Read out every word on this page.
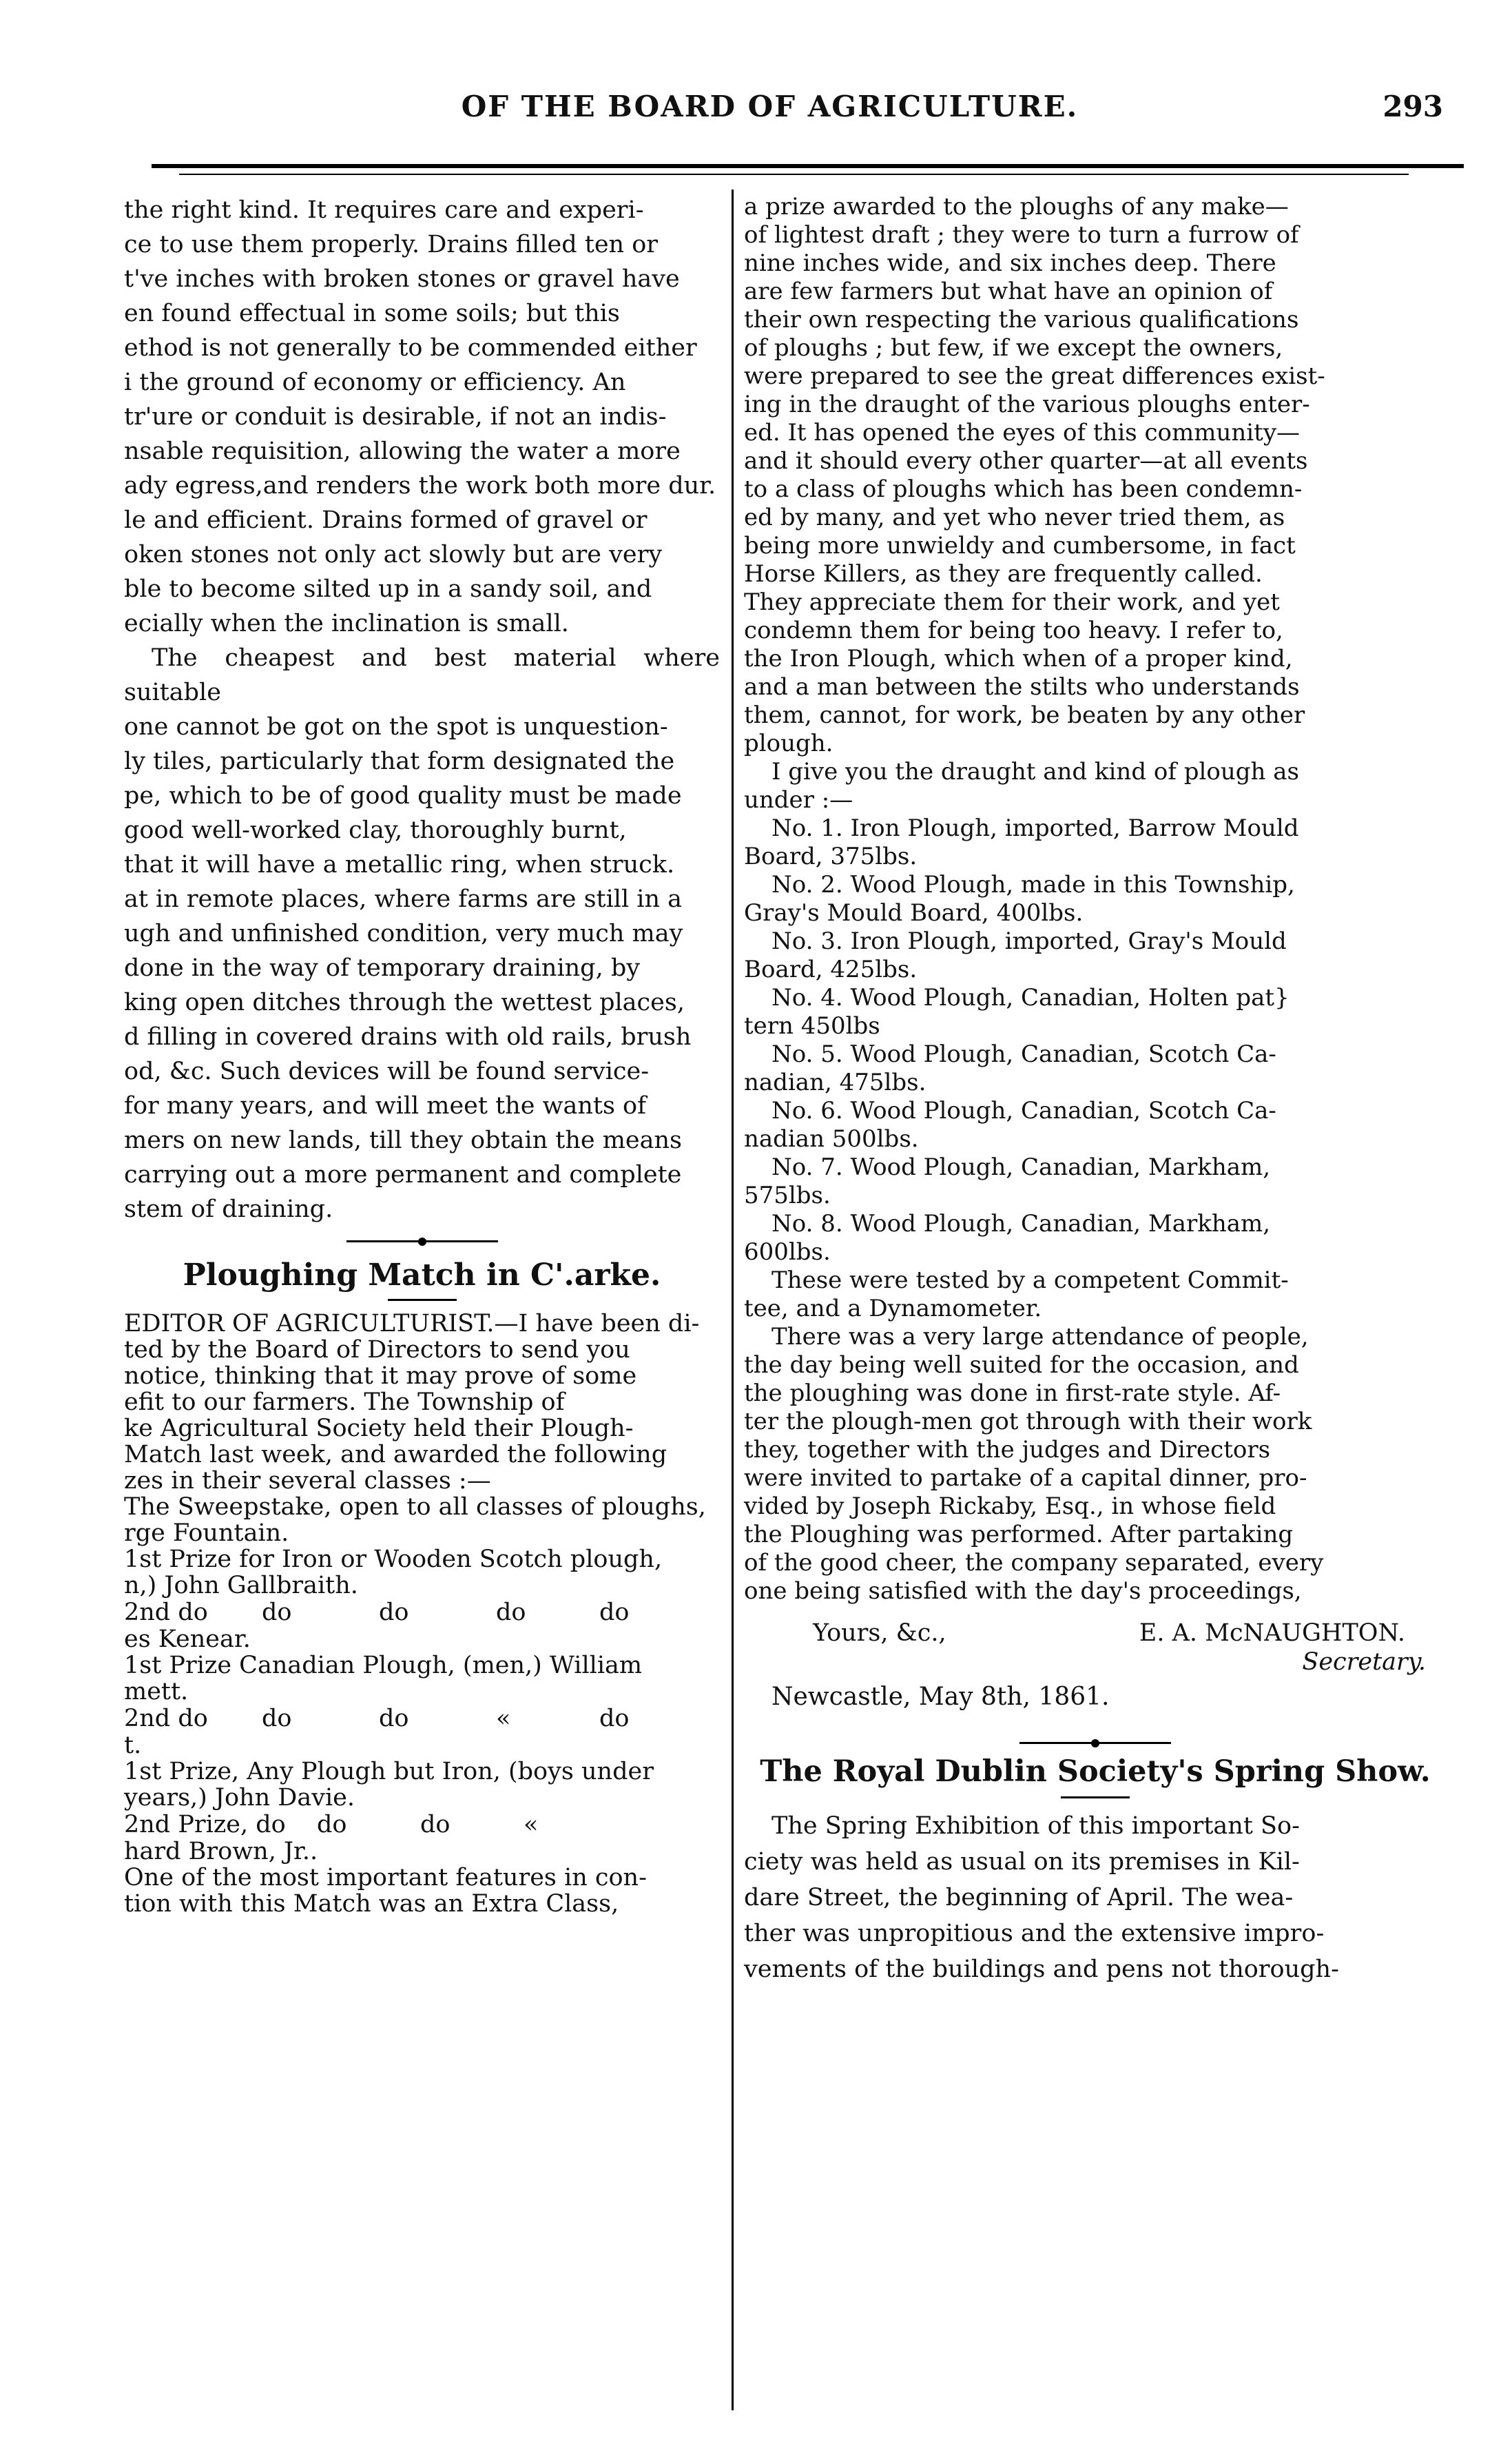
OF THE BOARD OF AGRICULTURE.	293

the right kind. It requires care and experi-
ce to use them properly. Drains filled ten or
t've inches with broken stones or gravel have
en found effectual in some soils; but this
ethod is not generally to be commended either
i the ground of economy or efficiency. An
tr'ure or conduit is desirable, if not an indis-
nsable requisition, allowing the water a more
ady egress,and renders the work both more dur.
le and efficient. Drains formed of gravel or
oken stones not only act slowly but are very
ble to become silted up in a sandy soil, and
ecially when the inclination is small.

The cheapest and best material where suitable
one cannot be got on the spot is unquestion-
ly tiles, particularly that form designated the
pe, which to be of good quality must be made
good well-worked clay, thoroughly burnt,
that it will have a metallic ring, when struck.
at in remote places, where farms are still in a
ugh and unfinished condition, very much may
done in the way of temporary draining, by
king open ditches through the wettest places,
d filling in covered drains with old rails, brush
od, &c. Such devices will be found service-
for many years, and will meet the wants of
mers on new lands, till they obtain the means
carrying out a more permanent and complete
stem of draining.

Ploughing Match in C'.arke.

EDITOR OF AGRICULTURIST.—I have been di-
ted by the Board of Directors to send you
notice, thinking that it may prove of some
efit to our farmers. The Township of
ke Agricultural Society held their Plough-
Match last week, and awarded the following
zes in their several classes :—

The Sweepstake, open to all classes of ploughs,
rge Fountain.
1st Prize for Iron or Wooden Scotch plough,
n,) John Gallbraith.

2nd do	do	do	do	do

es Kenear.

1st Prize Canadian Plough, (men,) William

mett.

2nd do	do	do	«	do

t.

1st Prize, Any Plough but Iron, (boys under
years,) John Davie.

2nd Prize, do	do	do	«

hard Brown, Jr..

One of the most important features in con-
tion with this Match was an Extra Class,

a prize awarded to the ploughs of any make—
of lightest draft ; they were to turn a furrow of
nine inches wide, and six inches deep. There
are few farmers but what have an opinion of
their own respecting the various qualifications
of ploughs ; but few, if we except the owners,
were prepared to see the great differences exist-
ing in the draught of the various ploughs enter-
ed. It has opened the eyes of this community—
and it should every other quarter—at all events
to a class of ploughs which has been condemn-
ed by many, and yet who never tried them, as
being more unwieldy and cumbersome, in fact
Horse Killers, as they are frequently called.
They appreciate them for their work, and yet
condemn them for being too heavy. I refer to,
the Iron Plough, which when of a proper kind,
and a man between the stilts who understands
them, cannot, for work, be beaten by any other
plough.

I give you the draught and kind of plough as
under :—

No. 1. Iron Plough, imported, Barrow Mould
Board, 375lbs.

No. 2. Wood Plough, made in this Township,
Gray's Mould Board, 400lbs.

No. 3. Iron Plough, imported, Gray's Mould
Board, 425lbs.

No. 4. Wood Plough, Canadian, Holten pat}
tern 450lbs

No. 5. Wood Plough, Canadian, Scotch Ca-
nadian, 475lbs.

No. 6. Wood Plough, Canadian, Scotch Ca-
nadian 500lbs.

No. 7. Wood Plough, Canadian, Markham,
575lbs.

No. 8. Wood Plough, Canadian, Markham,
600lbs.

These were tested by a competent Commit-
tee, and a Dynamometer.

There was a very large attendance of people,
the day being well suited for the occasion, and
the ploughing was done in first-rate style. Af-
ter the plough-men got through with their work
they, together with the judges and Directors
were invited to partake of a capital dinner, pro-
vided by Joseph Rickaby, Esq., in whose field
the Ploughing was performed. After partaking
of the good cheer, the company separated, every
one being satisfied with the day's proceedings,

Yours, &c.,	E. A. McNAUGHTON.
Secretary.
Newcastle, May 8th, 1861.
The Royal Dublin Society's Spring Show.

The Spring Exhibition of this important So-
ciety was held as usual on its premises in Kil-
dare Street, the beginning of April. The wea-
ther was unpropitious and the extensive impro-
vements of the buildings and pens not thorough-
